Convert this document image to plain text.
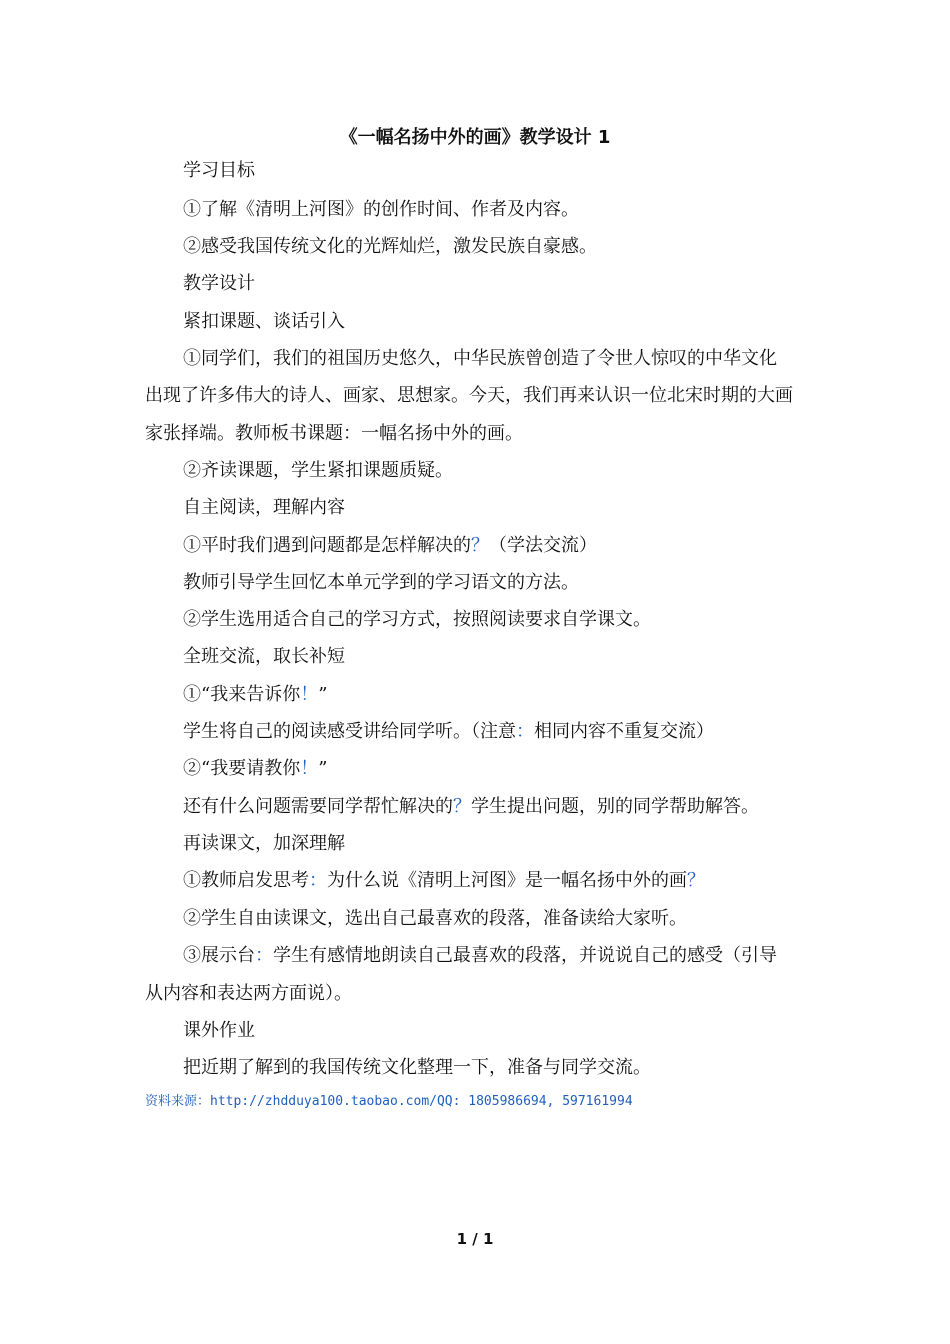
《一幅名扬中外的画》教学设计 1
学习目标
①了解《清明上河图》的创作时间、作者及内容。
②感受我国传统文化的光辉灿烂，激发民族自豪感。
教学设计
紧扣课题、谈话引入
①同学们，我们的祖国历史悠久，中华民族曾创造了令世人惊叹的中华文化
出现了许多伟大的诗人、画家、思想家。今天，我们再来认识一位北宋时期的大画
家张择端。教师板书课题：一幅名扬中外的画。
②齐读课题，学生紧扣课题质疑。
自主阅读，理解内容
①平时我们遇到问题都是怎样解决的？（学法交流）
教师引导学生回忆本单元学到的学习语文的方法。
②学生选用适合自己的学习方式，按照阅读要求自学课文。
全班交流，取长补短
①“我来告诉你！”
学生将自己的阅读感受讲给同学听。（注意：相同内容不重复交流）
②“我要请教你！”
还有什么问题需要同学帮忙解决的？学生提出问题，别的同学帮助解答。
再读课文，加深理解
①教师启发思考：为什么说《清明上河图》是一幅名扬中外的画？
②学生自由读课文，选出自己最喜欢的段落，准备读给大家听。
③展示台：学生有感情地朗读自己最喜欢的段落，并说说自己的感受（引导
从内容和表达两方面说）。
课外作业
把近期了解到的我国传统文化整理一下，准备与同学交流。
资料来源：http://zhdduya100.taobao.com/QQ: 1805986694, 597161994
1 / 1
